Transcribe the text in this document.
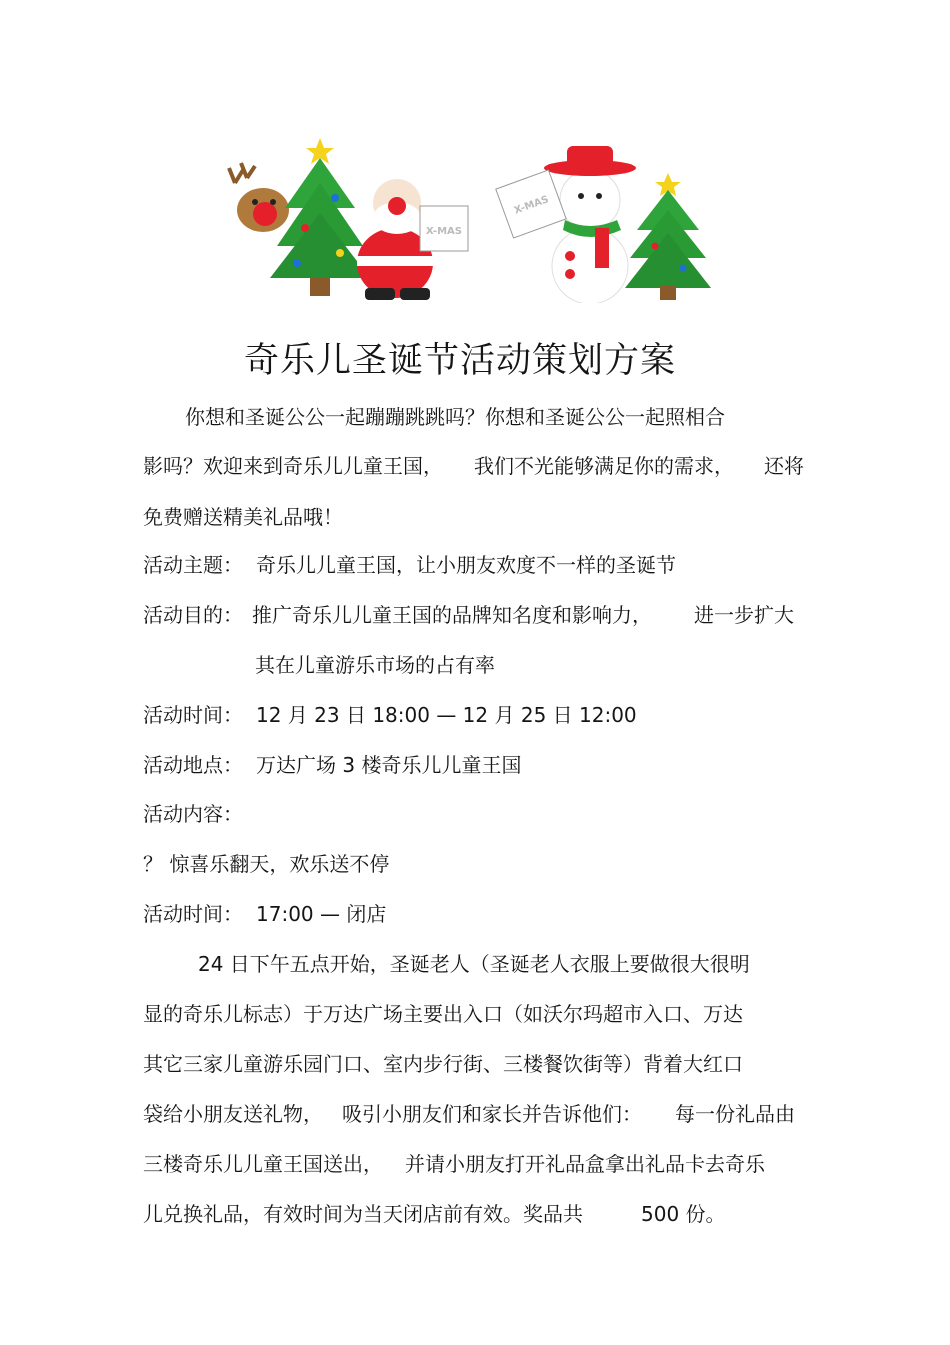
X-MAS
X-MAS
奇乐儿圣诞节活动策划方案
你想和圣诞公公一起蹦蹦跳跳吗？你想和圣诞公公一起照相合
影吗？欢迎来到奇乐儿儿童王国， 我们不光能够满足你的需求， 还将
免费赠送精美礼品哦！
活动主题： 奇乐儿儿童王国，让小朋友欢度不一样的圣诞节
活动目的： 推广奇乐儿儿童王国的品牌知名度和影响力， 进一步扩大
其在儿童游乐市场的占有率
活动时间： 12 月 23 日 18:00 — 12 月 25 日 12:00
活动地点： 万达广场 3 楼奇乐儿儿童王国
活动内容：
？ 惊喜乐翻天，欢乐送不停
活动时间： 17:00 — 闭店
24 日下午五点开始，圣诞老人（圣诞老人衣服上要做很大很明
显的奇乐儿标志）于万达广场主要出入口（如沃尔玛超市入口、万达
其它三家儿童游乐园门口、室内步行街、三楼餐饮街等）背着大红口
袋给小朋友送礼物， 吸引小朋友们和家长并告诉他们： 每一份礼品由
三楼奇乐儿儿童王国送出， 并请小朋友打开礼品盒拿出礼品卡去奇乐
儿兑换礼品，有效时间为当天闭店前有效。奖品共	500 份。
